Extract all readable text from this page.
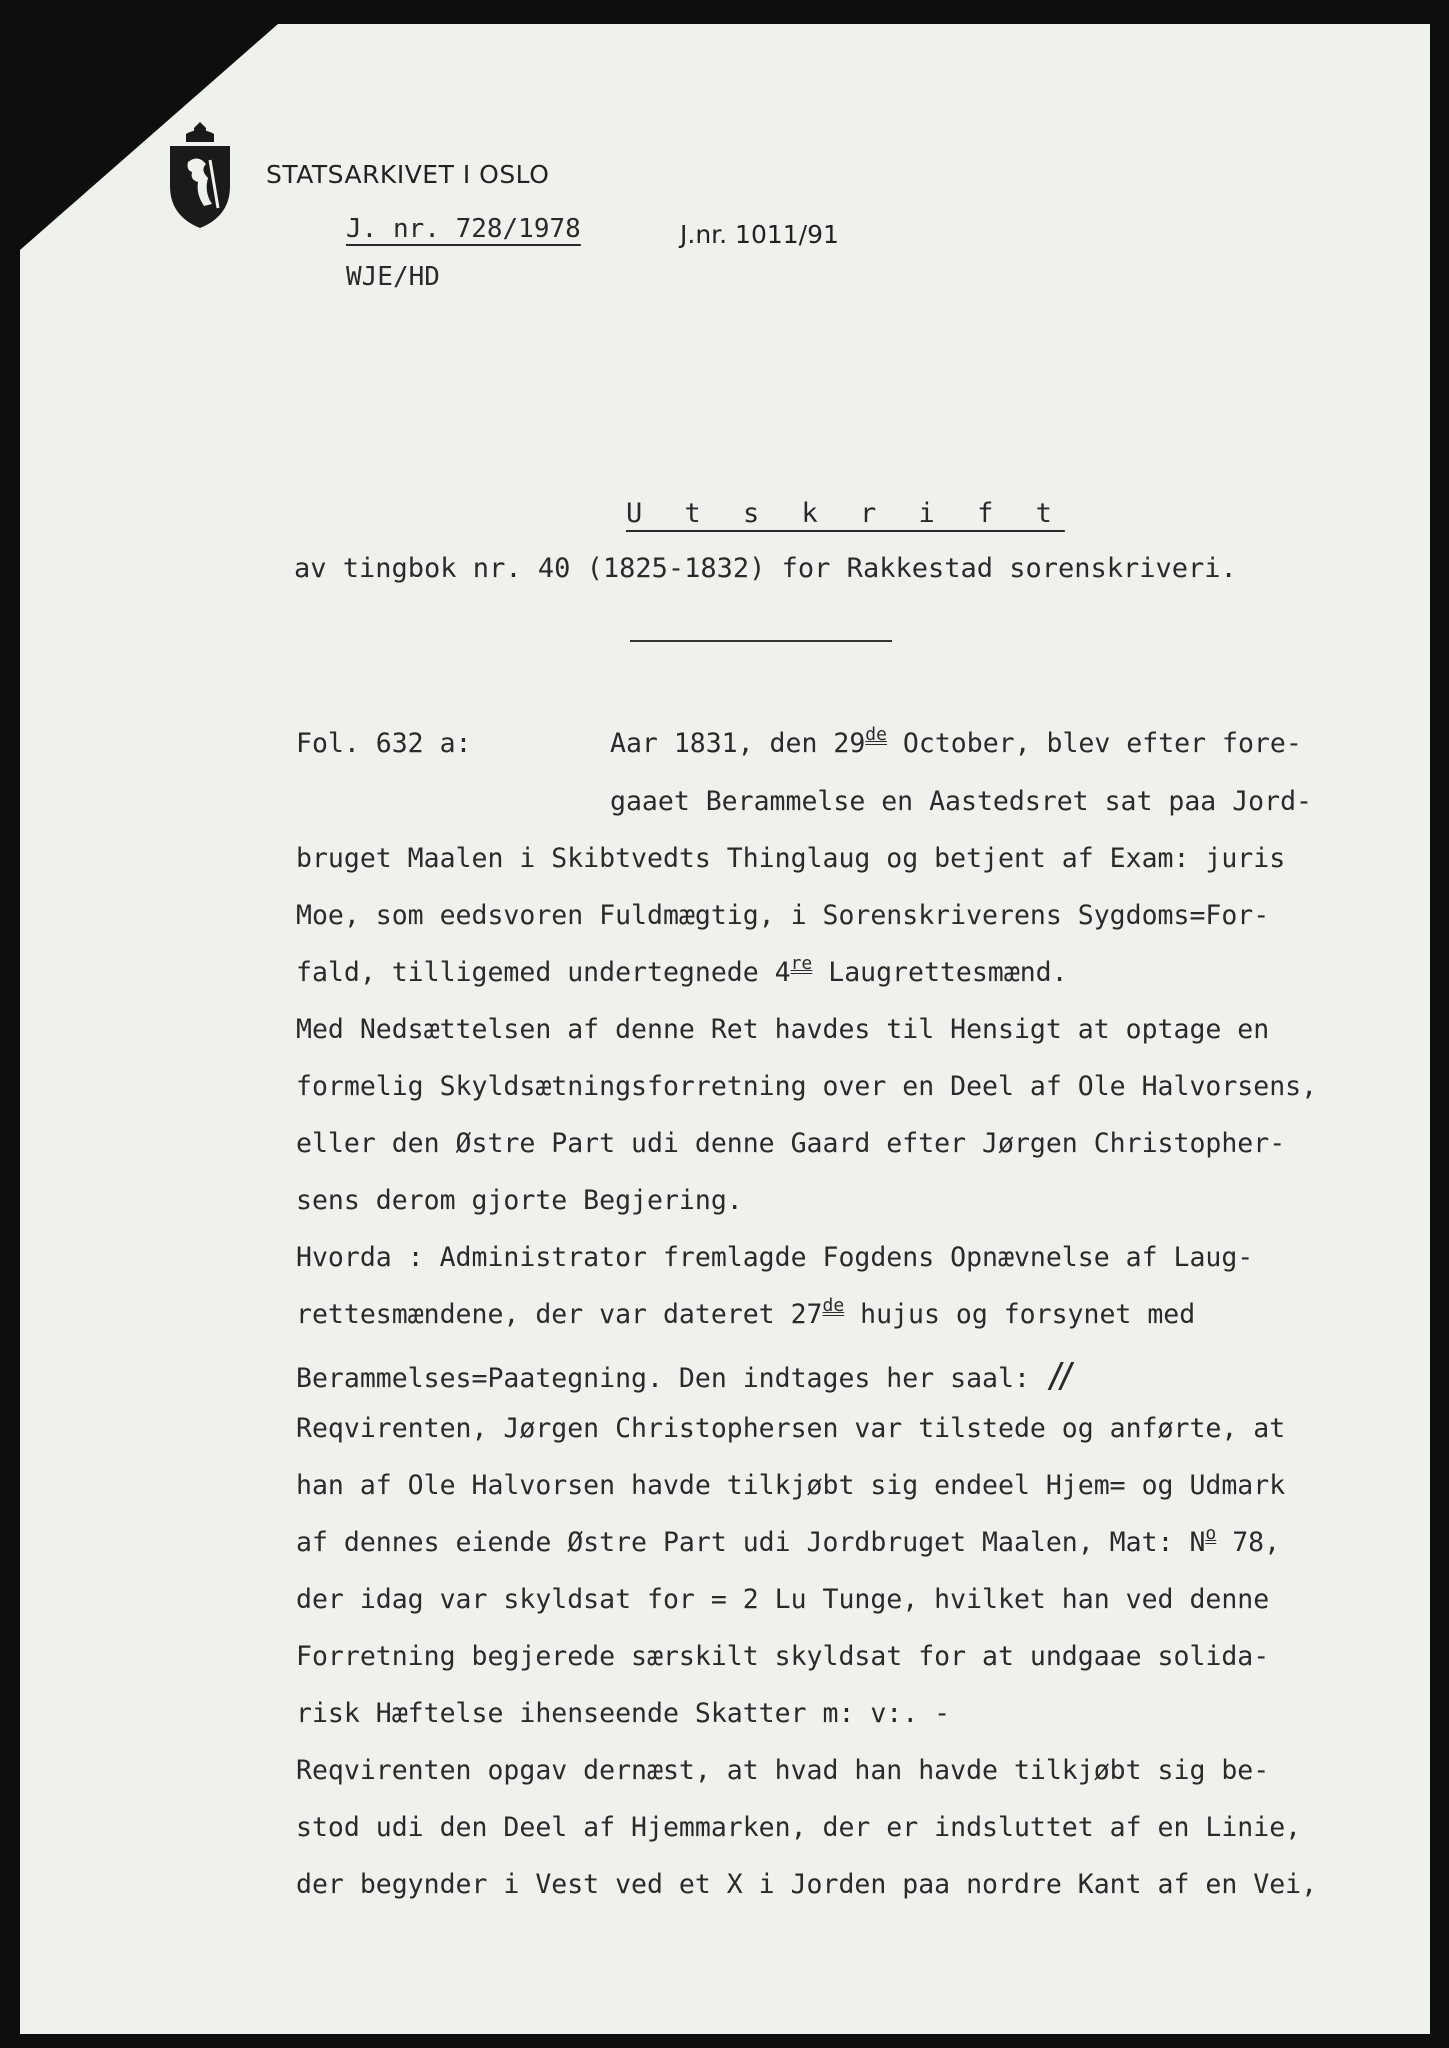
STATSARKIVET I OSLO
J. nr. 728/1978	J.nr. 1011/91
WJE/HD
U t s k r i f t
av tingbok nr. 40 (1825-1832) for Rakkestad sorenskriveri.
Fol. 632 a:	Aar 1831, den 29de October, blev efter fore-
gaaet Berammelse en Aastedsret sat paa Jord-
bruget Maalen i Skibtvedts Thinglaug og betjent af Exam: juris
Moe, som eedsvoren Fuldmægtig, i Sorenskriverens Sygdoms=For-
fald, tilligemed undertegnede 4re Laugrettesmænd.
Med Nedsættelsen af denne Ret havdes til Hensigt at optage en
formelig Skyldsætningsforretning over en Deel af Ole Halvorsens,
eller den Østre Part udi denne Gaard efter Jørgen Christopher-
sens derom gjorte Begjering.
Hvorda : Administrator fremlagde Fogdens Opnævnelse af Laug-
rettesmændene, der var dateret 27de hujus og forsynet med
Berammelses=Paategning. Den indtages her saal: //
Reqvirenten, Jørgen Christophersen var tilstede og anførte, at
han af Ole Halvorsen havde tilkjøbt sig endeel Hjem= og Udmark
af dennes eiende Østre Part udi Jordbruget Maalen, Mat: $N^o$ 78,
der idag var skyldsat for = 2 Lu Tunge, hvilket han ved denne
Forretning begjerede særskilt skyldsat for at undgaae solida-
risk Hæftelse ihenseende Skatter m: v:. -
Reqvirenten opgav dernæst, at hvad han havde tilkjøbt sig be-
stod udi den Deel af Hjemmarken, der er indsluttet af en Linie,
der begynder i Vest ved et X i Jorden paa nordre Kant af en Vei,
